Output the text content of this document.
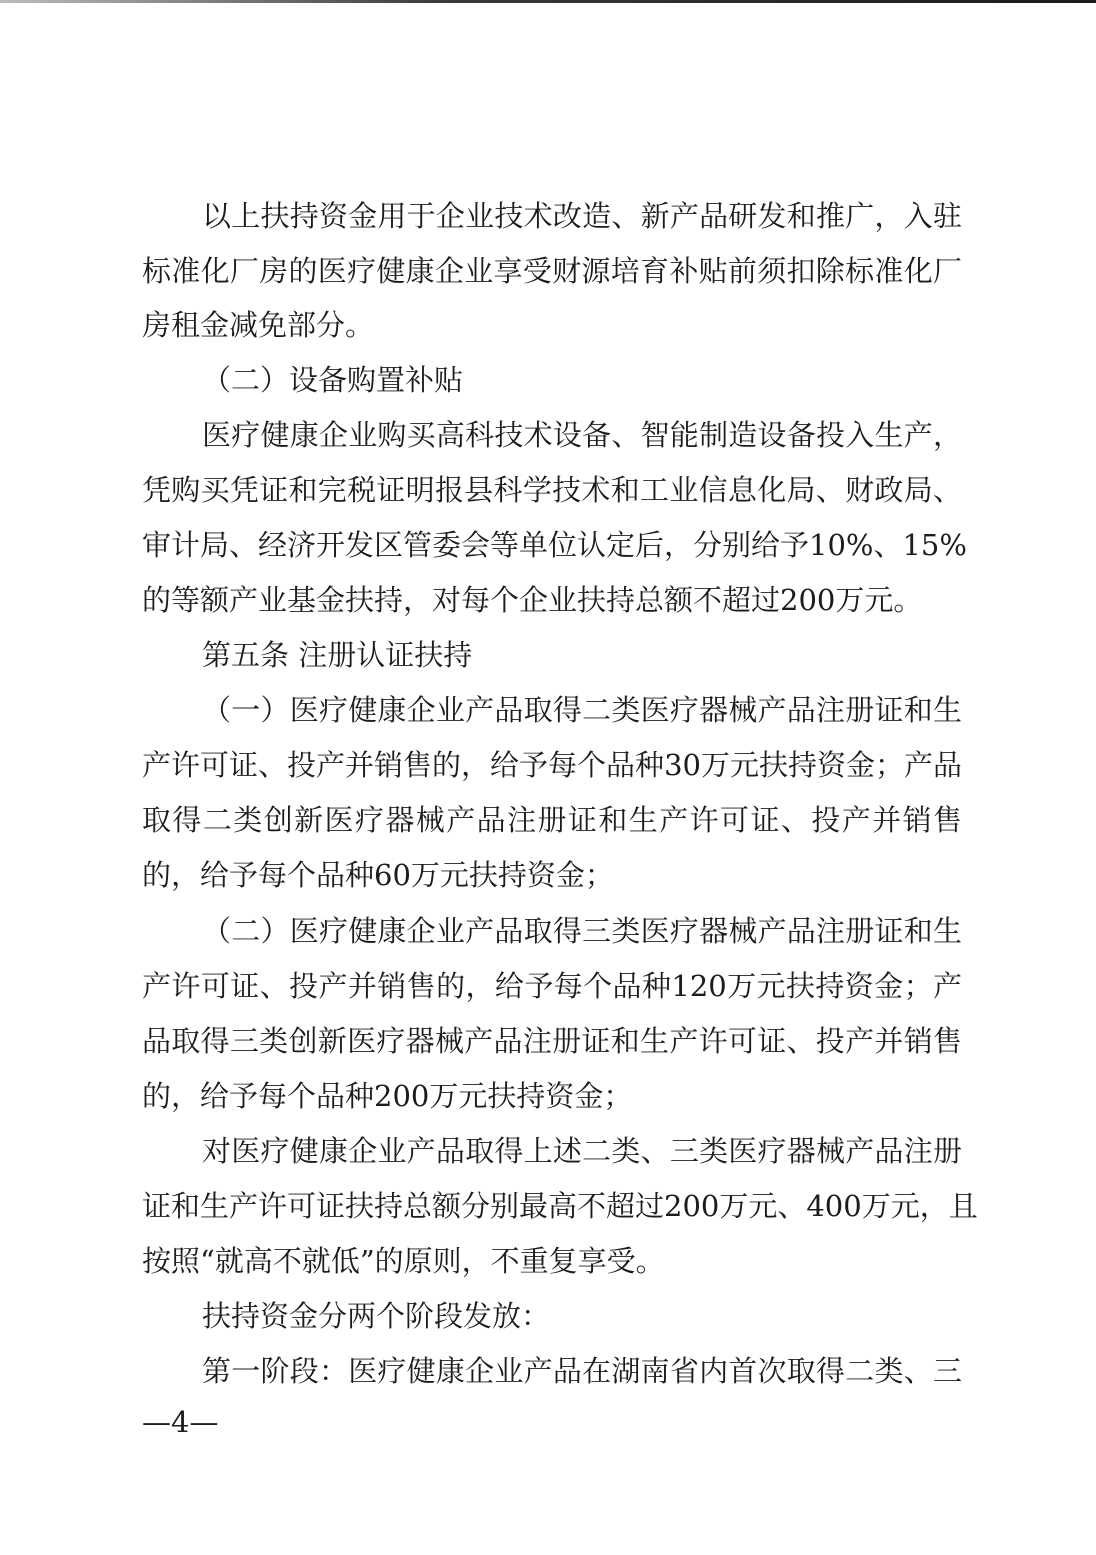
以上扶持资金用于企业技术改造、新产品研发和推广，入驻
标准化厂房的医疗健康企业享受财源培育补贴前须扣除标准化厂
房租金减免部分。
（二）设备购置补贴
医疗健康企业购买高科技术设备、智能制造设备投入生产，
凭购买凭证和完税证明报县科学技术和工业信息化局、财政局、
审计局、经济开发区管委会等单位认定后，分别给予10%、15%
的等额产业基金扶持，对每个企业扶持总额不超过200万元。
第五条 注册认证扶持
（一）医疗健康企业产品取得二类医疗器械产品注册证和生
产许可证、投产并销售的，给予每个品种30万元扶持资金；产品
取得二类创新医疗器械产品注册证和生产许可证、投产并销售
的，给予每个品种60万元扶持资金；
（二）医疗健康企业产品取得三类医疗器械产品注册证和生
产许可证、投产并销售的，给予每个品种120万元扶持资金；产
品取得三类创新医疗器械产品注册证和生产许可证、投产并销售
的，给予每个品种200万元扶持资金；
对医疗健康企业产品取得上述二类、三类医疗器械产品注册
证和生产许可证扶持总额分别最高不超过200万元、400万元，且
按照“就高不就低”的原则，不重复享受。
扶持资金分两个阶段发放：
第一阶段：医疗健康企业产品在湖南省内首次取得二类、三
—4—
